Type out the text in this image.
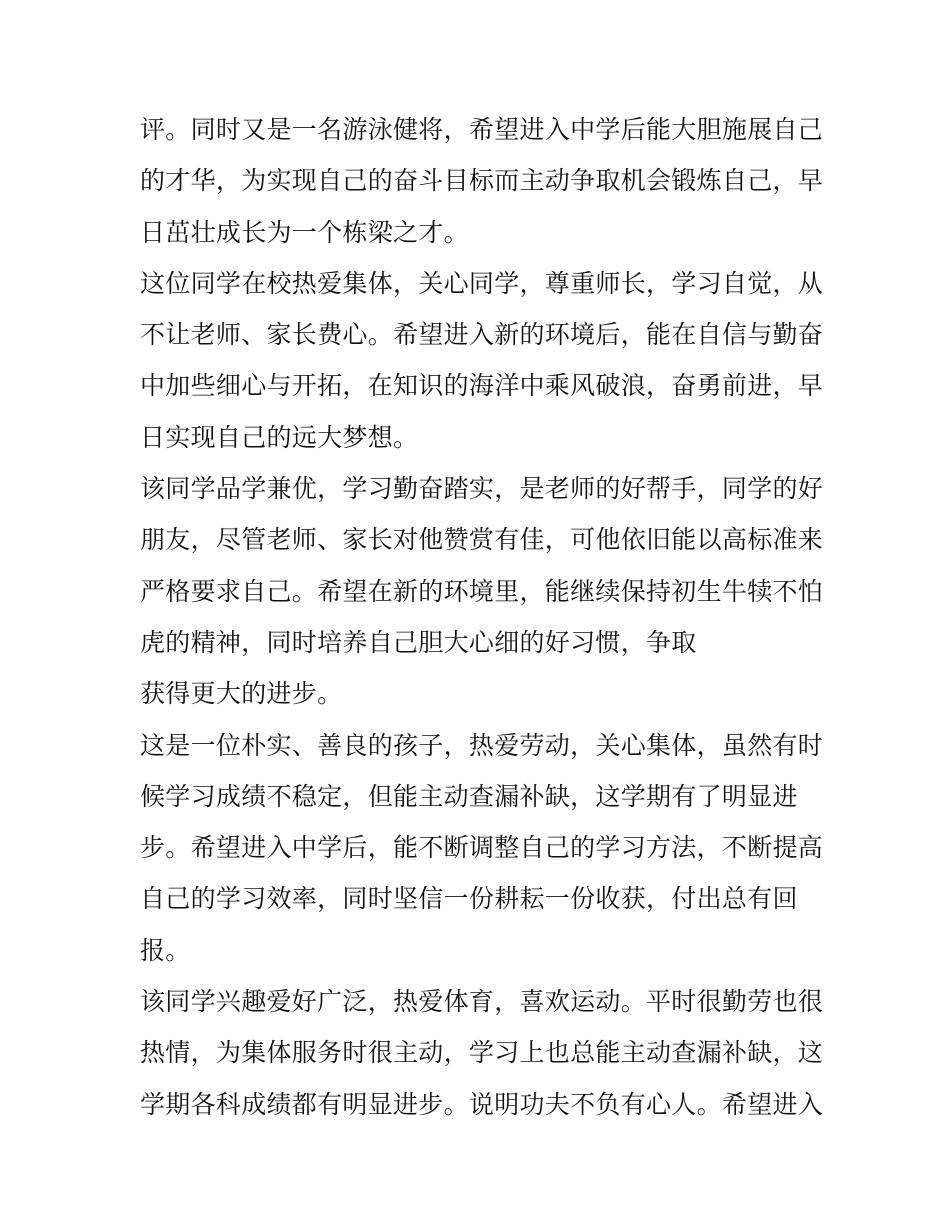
评。同时又是一名游泳健将，希望进入中学后能大胆施展自己
的才华，为实现自己的奋斗目标而主动争取机会锻炼自己，早
日茁壮成长为一个栋梁之才。
这位同学在校热爱集体，关心同学，尊重师长，学习自觉，从
不让老师、家长费心。希望进入新的环境后，能在自信与勤奋
中加些细心与开拓，在知识的海洋中乘风破浪，奋勇前进，早
日实现自己的远大梦想。
该同学品学兼优，学习勤奋踏实，是老师的好帮手，同学的好
朋友，尽管老师、家长对他赞赏有佳，可他依旧能以高标准来
严格要求自己。希望在新的环境里，能继续保持初生牛犊不怕
虎的精神，同时培养自己胆大心细的好习惯，争取
获得更大的进步。
这是一位朴实、善良的孩子，热爱劳动，关心集体，虽然有时
候学习成绩不稳定，但能主动查漏补缺，这学期有了明显进
步。希望进入中学后，能不断调整自己的学习方法，不断提高
自己的学习效率，同时坚信一份耕耘一份收获，付出总有回
报。
该同学兴趣爱好广泛，热爱体育，喜欢运动。平时很勤劳也很
热情，为集体服务时很主动，学习上也总能主动查漏补缺，这
学期各科成绩都有明显进步。说明功夫不负有心人。希望进入
